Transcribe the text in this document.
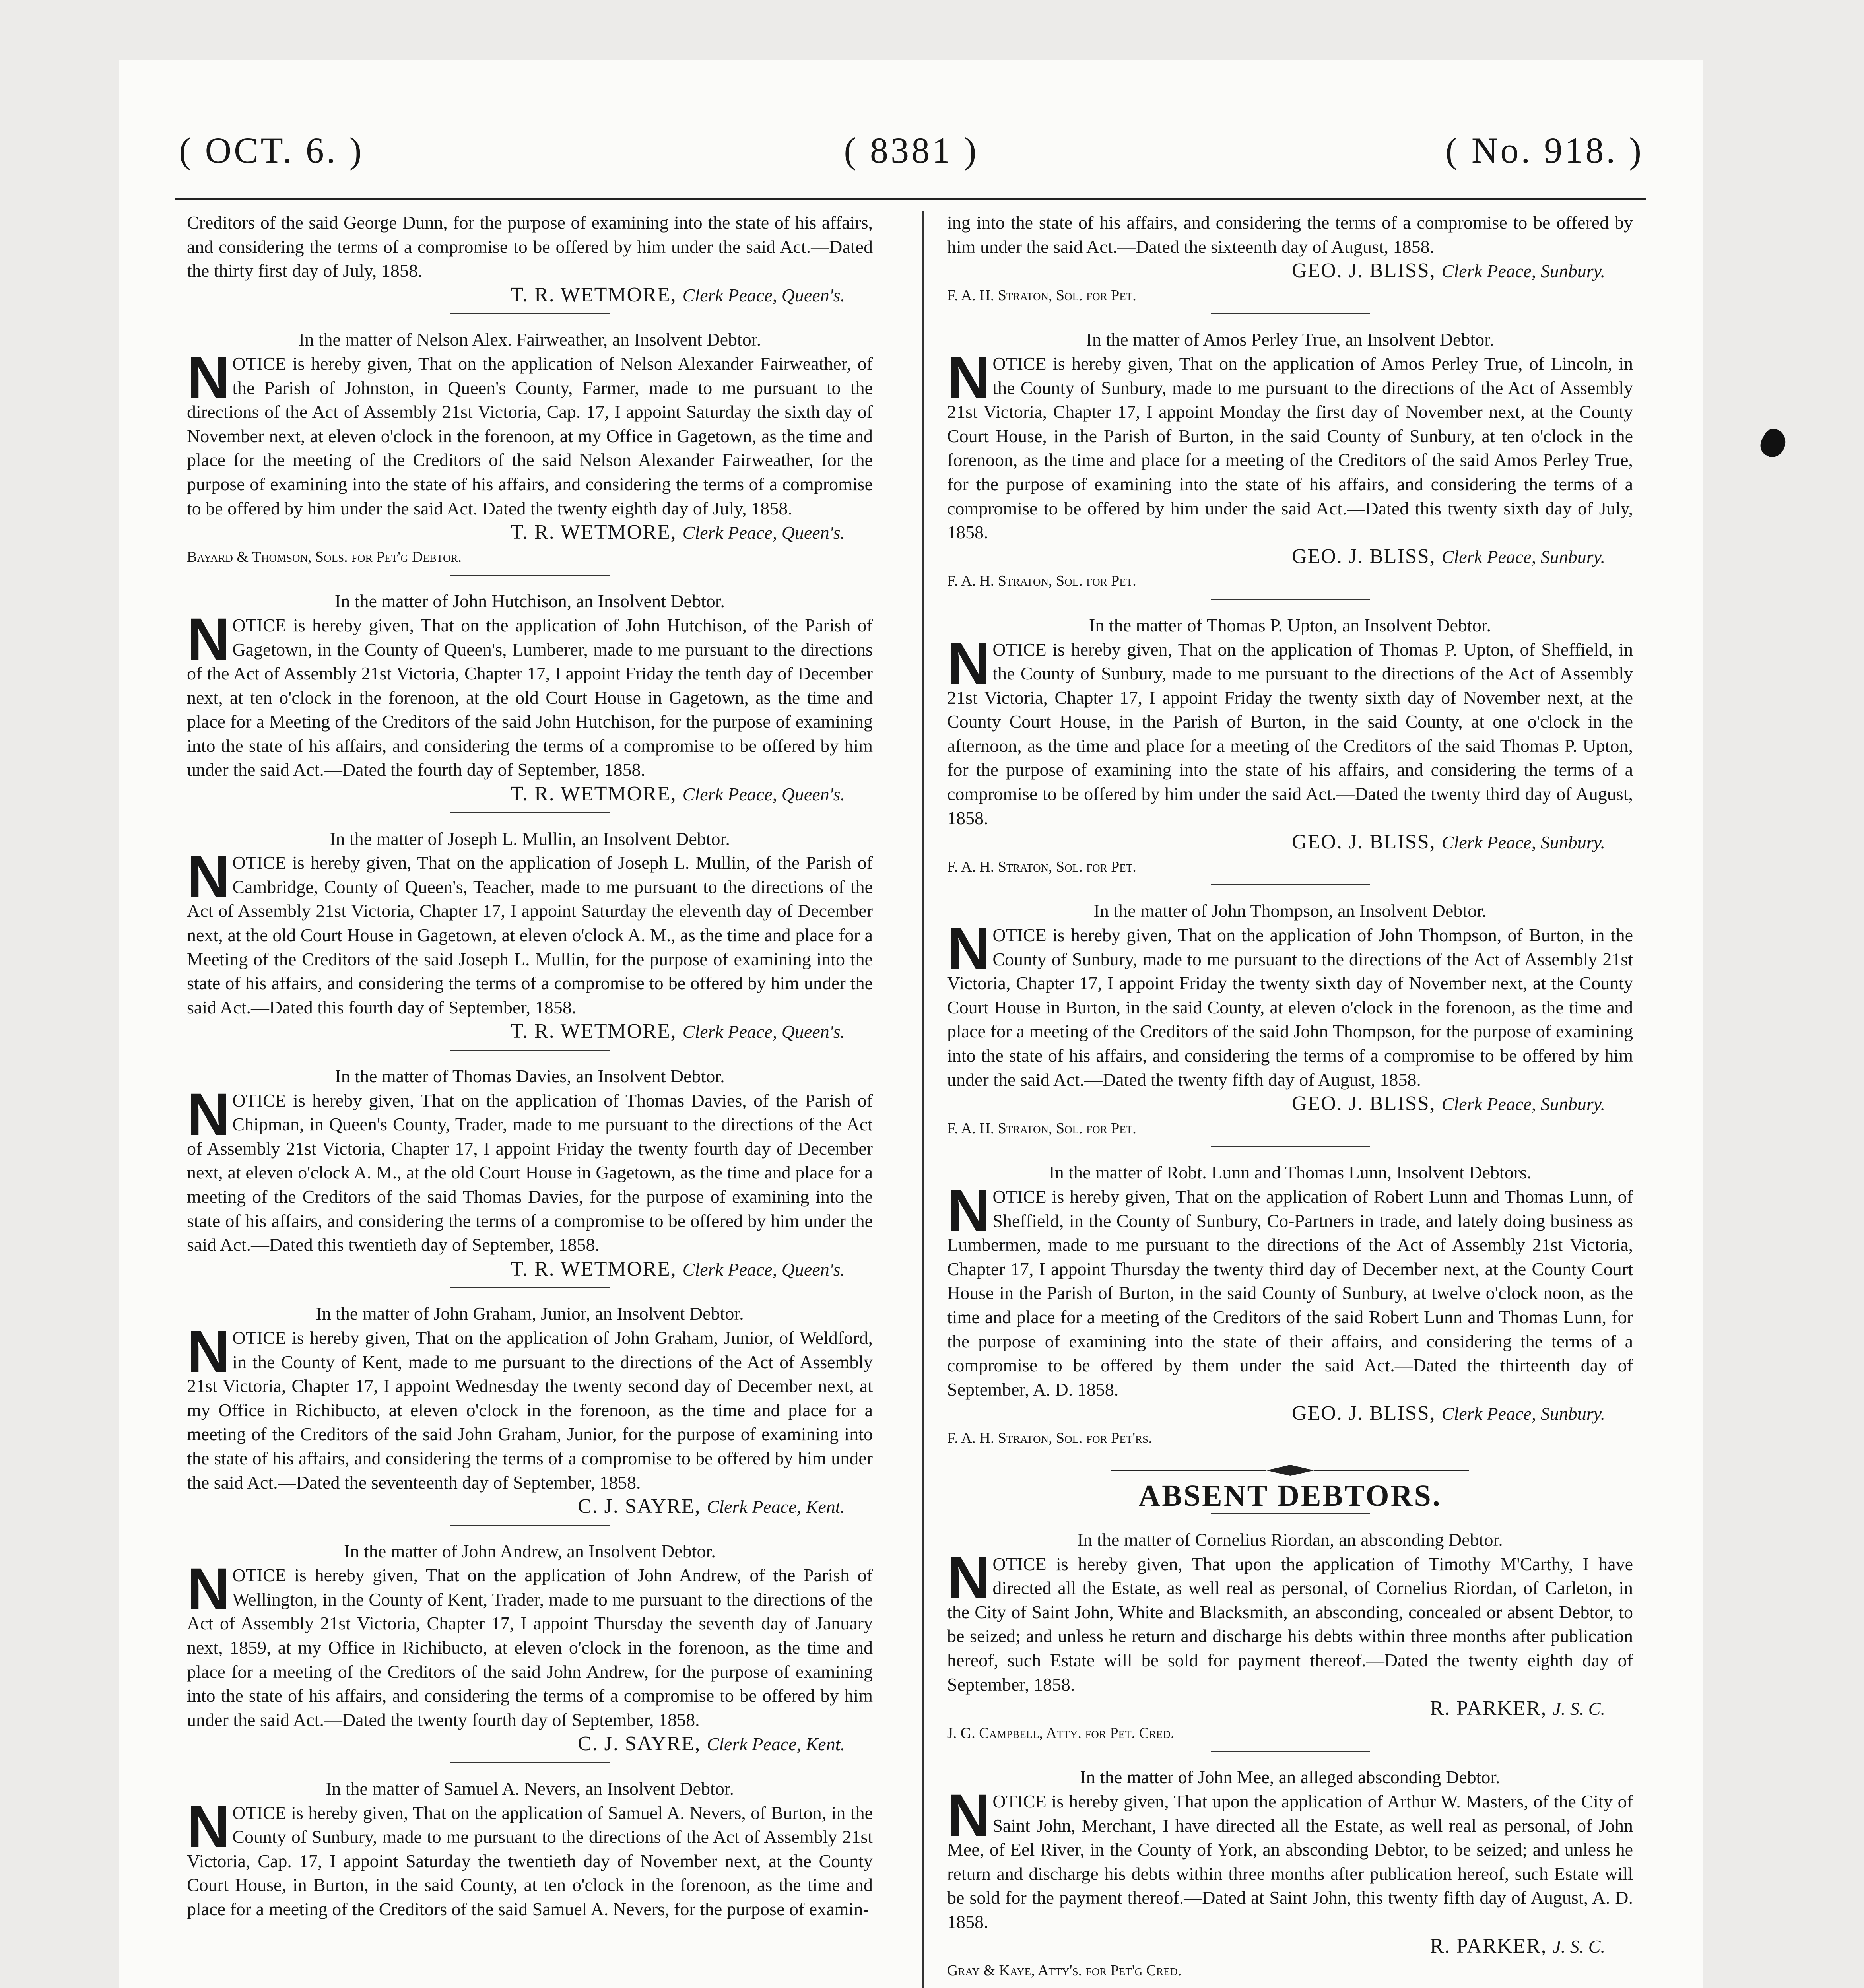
( OCT. 6. )	( 8381 )	( No. 918. )

Creditors of the said George Dunn, for the purpose of examining into the state of his affairs, and considering the terms of a compromise to be offered by him under the said Act.—Dated the thirty first day of July, 1858.

T. R. WETMORE, Clerk Peace, Queen's.

In the matter of Nelson Alex. Fairweather, an Insolvent Debtor.

NOTICE is hereby given, That on the application of Nelson Alexander Fairweather, of the Parish of Johnston, in Queen's County, Farmer, made to me pursuant to the directions of the Act of Assembly 21st Victoria, Cap. 17, I appoint Saturday the sixth day of November next, at eleven o'clock in the forenoon, at my Office in Gagetown, as the time and place for the meeting of the Creditors of the said Nelson Alexander Fairweather, for the purpose of examining into the state of his affairs, and considering the terms of a compromise to be offered by him under the said Act. Dated the twenty eighth day of July, 1858.

T. R. WETMORE, Clerk Peace, Queen's.

Bayard & Thomson, Sols. for Pet'g Debtor.

In the matter of John Hutchison, an Insolvent Debtor.

NOTICE is hereby given, That on the application of John Hutchison, of the Parish of Gagetown, in the County of Queen's, Lumberer, made to me pursuant to the directions of the Act of Assembly 21st Victoria, Chapter 17, I appoint Friday the tenth day of December next, at ten o'clock in the forenoon, at the old Court House in Gagetown, as the time and place for a Meeting of the Creditors of the said John Hutchison, for the purpose of examining into the state of his affairs, and considering the terms of a compromise to be offered by him under the said Act.—Dated the fourth day of September, 1858.

T. R. WETMORE, Clerk Peace, Queen's.

In the matter of Joseph L. Mullin, an Insolvent Debtor.

NOTICE is hereby given, That on the application of Joseph L. Mullin, of the Parish of Cambridge, County of Queen's, Teacher, made to me pursuant to the directions of the Act of Assembly 21st Victoria, Chapter 17, I appoint Saturday the eleventh day of December next, at the old Court House in Gagetown, at eleven o'clock A. M., as the time and place for a Meeting of the Creditors of the said Joseph L. Mullin, for the purpose of examining into the state of his affairs, and considering the terms of a compromise to be offered by him under the said Act.—Dated this fourth day of September, 1858.

T. R. WETMORE, Clerk Peace, Queen's.

In the matter of Thomas Davies, an Insolvent Debtor.

NOTICE is hereby given, That on the application of Thomas Davies, of the Parish of Chipman, in Queen's County, Trader, made to me pursuant to the directions of the Act of Assembly 21st Victoria, Chapter 17, I appoint Friday the twenty fourth day of December next, at eleven o'clock A. M., at the old Court House in Gagetown, as the time and place for a meeting of the Creditors of the said Thomas Davies, for the purpose of examining into the state of his affairs, and considering the terms of a compromise to be offered by him under the said Act.—Dated this twentieth day of September, 1858.

T. R. WETMORE, Clerk Peace, Queen's.

In the matter of John Graham, Junior, an Insolvent Debtor.

NOTICE is hereby given, That on the application of John Graham, Junior, of Weldford, in the County of Kent, made to me pursuant to the directions of the Act of Assembly 21st Victoria, Chapter 17, I appoint Wednesday the twenty second day of December next, at my Office in Richibucto, at eleven o'clock in the forenoon, as the time and place for a meeting of the Creditors of the said John Graham, Junior, for the purpose of examining into the state of his affairs, and considering the terms of a compromise to be offered by him under the said Act.—Dated the seventeenth day of September, 1858.

C. J. SAYRE, Clerk Peace, Kent.

In the matter of John Andrew, an Insolvent Debtor.

NOTICE is hereby given, That on the application of John Andrew, of the Parish of Wellington, in the County of Kent, Trader, made to me pursuant to the directions of the Act of Assembly 21st Victoria, Chapter 17, I appoint Thursday the seventh day of January next, 1859, at my Office in Richibucto, at eleven o'clock in the forenoon, as the time and place for a meeting of the Creditors of the said John Andrew, for the purpose of examining into the state of his affairs, and considering the terms of a compromise to be offered by him under the said Act.—Dated the twenty fourth day of September, 1858.

C. J. SAYRE, Clerk Peace, Kent.

In the matter of Samuel A. Nevers, an Insolvent Debtor.

NOTICE is hereby given, That on the application of Samuel A. Nevers, of Burton, in the County of Sunbury, made to me pursuant to the directions of the Act of Assembly 21st Victoria, Cap. 17, I appoint Saturday the twentieth day of November next, at the County Court House, in Burton, in the said County, at ten o'clock in the forenoon, as the time and place for a meeting of the Creditors of the said Samuel A. Nevers, for the purpose of examin-

ing into the state of his affairs, and considering the terms of a compromise to be offered by him under the said Act.—Dated the sixteenth day of August, 1858.

GEO. J. BLISS, Clerk Peace, Sunbury.

F. A. H. Straton, Sol. for Pet.

In the matter of Amos Perley True, an Insolvent Debtor.

NOTICE is hereby given, That on the application of Amos Perley True, of Lincoln, in the County of Sunbury, made to me pursuant to the directions of the Act of Assembly 21st Victoria, Chapter 17, I appoint Monday the first day of November next, at the County Court House, in the Parish of Burton, in the said County of Sunbury, at ten o'clock in the forenoon, as the time and place for a meeting of the Creditors of the said Amos Perley True, for the purpose of examining into the state of his affairs, and considering the terms of a compromise to be offered by him under the said Act.—Dated this twenty sixth day of July, 1858.

GEO. J. BLISS, Clerk Peace, Sunbury.

F. A. H. Straton, Sol. for Pet.

In the matter of Thomas P. Upton, an Insolvent Debtor.

NOTICE is hereby given, That on the application of Thomas P. Upton, of Sheffield, in the County of Sunbury, made to me pursuant to the directions of the Act of Assembly 21st Victoria, Chapter 17, I appoint Friday the twenty sixth day of November next, at the County Court House, in the Parish of Burton, in the said County, at one o'clock in the afternoon, as the time and place for a meeting of the Creditors of the said Thomas P. Upton, for the purpose of examining into the state of his affairs, and considering the terms of a compromise to be offered by him under the said Act.—Dated the twenty third day of August, 1858.

GEO. J. BLISS, Clerk Peace, Sunbury.

F. A. H. Straton, Sol. for Pet.

In the matter of John Thompson, an Insolvent Debtor.

NOTICE is hereby given, That on the application of John Thompson, of Burton, in the County of Sunbury, made to me pursuant to the directions of the Act of Assembly 21st Victoria, Chapter 17, I appoint Friday the twenty sixth day of November next, at the County Court House in Burton, in the said County, at eleven o'clock in the forenoon, as the time and place for a meeting of the Creditors of the said John Thompson, for the purpose of examining into the state of his affairs, and considering the terms of a compromise to be offered by him under the said Act.—Dated the twenty fifth day of August, 1858.

GEO. J. BLISS, Clerk Peace, Sunbury.

F. A. H. Straton, Sol. for Pet.

In the matter of Robt. Lunn and Thomas Lunn, Insolvent Debtors.

NOTICE is hereby given, That on the application of Robert Lunn and Thomas Lunn, of Sheffield, in the County of Sunbury, Co-Partners in trade, and lately doing business as Lumbermen, made to me pursuant to the directions of the Act of Assembly 21st Victoria, Chapter 17, I appoint Thursday the twenty third day of December next, at the County Court House in the Parish of Burton, in the said County of Sunbury, at twelve o'clock noon, as the time and place for a meeting of the Creditors of the said Robert Lunn and Thomas Lunn, for the purpose of examining into the state of their affairs, and considering the terms of a compromise to be offered by them under the said Act.—Dated the thirteenth day of September, A. D. 1858.

GEO. J. BLISS, Clerk Peace, Sunbury.

F. A. H. Straton, Sol. for Pet'rs.

ABSENT DEBTORS.

In the matter of Cornelius Riordan, an absconding Debtor.

NOTICE is hereby given, That upon the application of Timothy M'Carthy, I have directed all the Estate, as well real as personal, of Cornelius Riordan, of Carleton, in the City of Saint John, White and Blacksmith, an absconding, concealed or absent Debtor, to be seized; and unless he return and discharge his debts within three months after publication hereof, such Estate will be sold for payment thereof.—Dated the twenty eighth day of September, 1858.

R. PARKER, J. S. C.

J. G. Campbell, Atty. for Pet. Cred.

In the matter of John Mee, an alleged absconding Debtor.

NOTICE is hereby given, That upon the application of Arthur W. Masters, of the City of Saint John, Merchant, I have directed all the Estate, as well real as personal, of John Mee, of Eel River, in the County of York, an absconding Debtor, to be seized; and unless he return and discharge his debts within three months after publication hereof, such Estate will be sold for the payment thereof.—Dated at Saint John, this twenty fifth day of August, A. D. 1858.

R. PARKER, J. S. C.

Gray & Kaye, Atty's. for Pet'g Cred.
